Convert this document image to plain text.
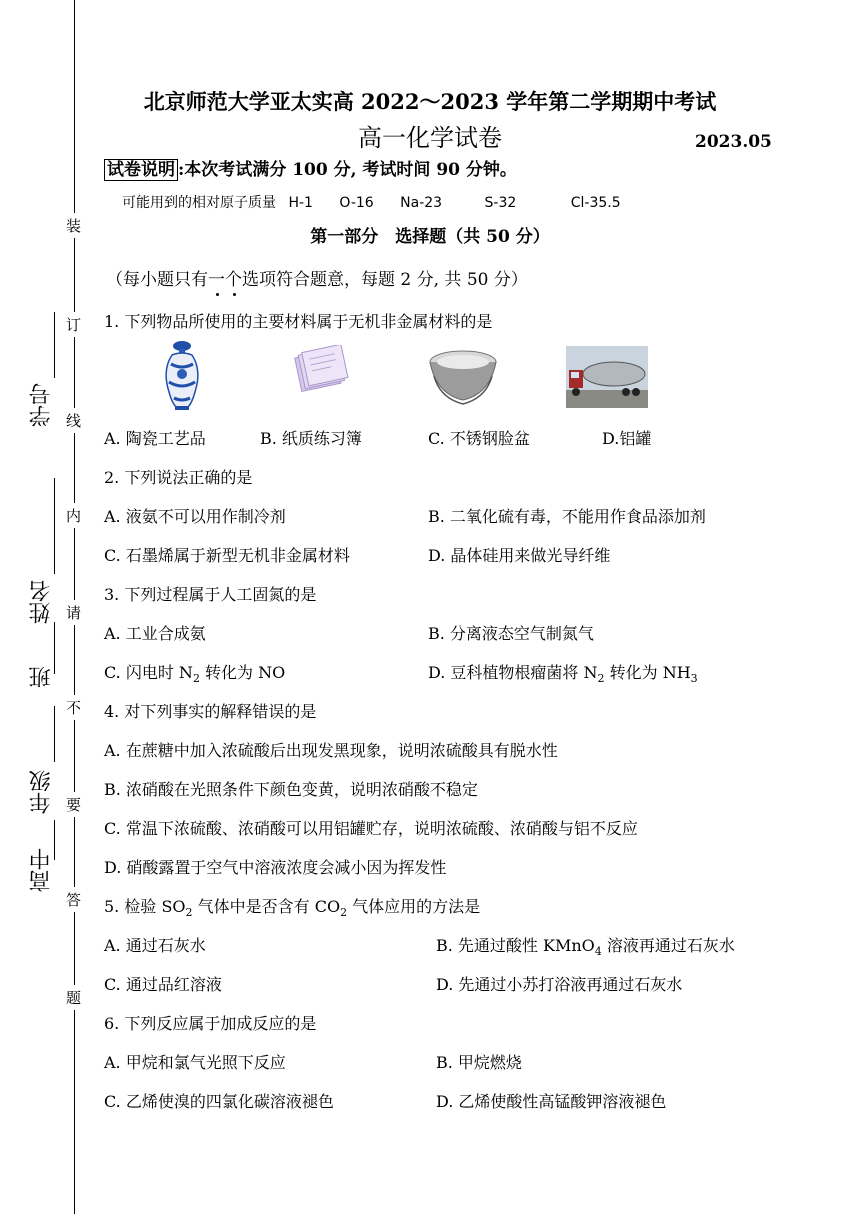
装
订
线
内
请
不
要
答
题
学号
姓名
班
年级
高中
北京师范大学亚太实高 2022～2023 学年第二学期期中考试
高一化学试卷	2023.05
试卷说明 :本次考试满分 100 分, 考试时间 90 分钟。
可能用到的相对原子质量 H-1 O-16 Na-23	S-32	Cl-35.5
第一部分　选择题（共 50 分）
（每小题只有一个选项符合题意，每题 2 分, 共 50 分）
1. 下列物品所使用的主要材料属于无机非金属材料的是
A. 陶瓷工艺品	B. 纸质练习簿	C. 不锈钢脸盆	D.铝罐
2. 下列说法正确的是
A. 液氨不可以用作制冷剂	B. 二氧化硫有毒，不能用作食品添加剂
C. 石墨烯属于新型无机非金属材料	D. 晶体硅用来做光导纤维
3. 下列过程属于人工固氮的是
A. 工业合成氨	B. 分离液态空气制氮气
C. 闪电时 $N_2$ 转化为 NO	D. 豆科植物根瘤菌将 $N_2$ 转化为 $NH_3$
4. 对下列事实的解释错误的是
A. 在蔗糖中加入浓硫酸后出现发黑现象，说明浓硫酸具有脱水性
B. 浓硝酸在光照条件下颜色变黄，说明浓硝酸不稳定
C. 常温下浓硫酸、浓硝酸可以用铝罐贮存，说明浓硫酸、浓硝酸与铝不反应
D. 硝酸露置于空气中溶液浓度会减小因为挥发性
5. 检验 $SO_2$ 气体中是否含有 $CO_2$ 气体应用的方法是
A. 通过石灰水	B. 先通过酸性 KMnO$_4$ 溶液再通过石灰水
C. 通过品红溶液	D. 先通过小苏打浴液再通过石灰水
6. 下列反应属于加成反应的是
A. 甲烷和氯气光照下反应	B. 甲烷燃烧
C. 乙烯使溴的四氯化碳溶液褪色	D. 乙烯使酸性高锰酸钾溶液褪色
